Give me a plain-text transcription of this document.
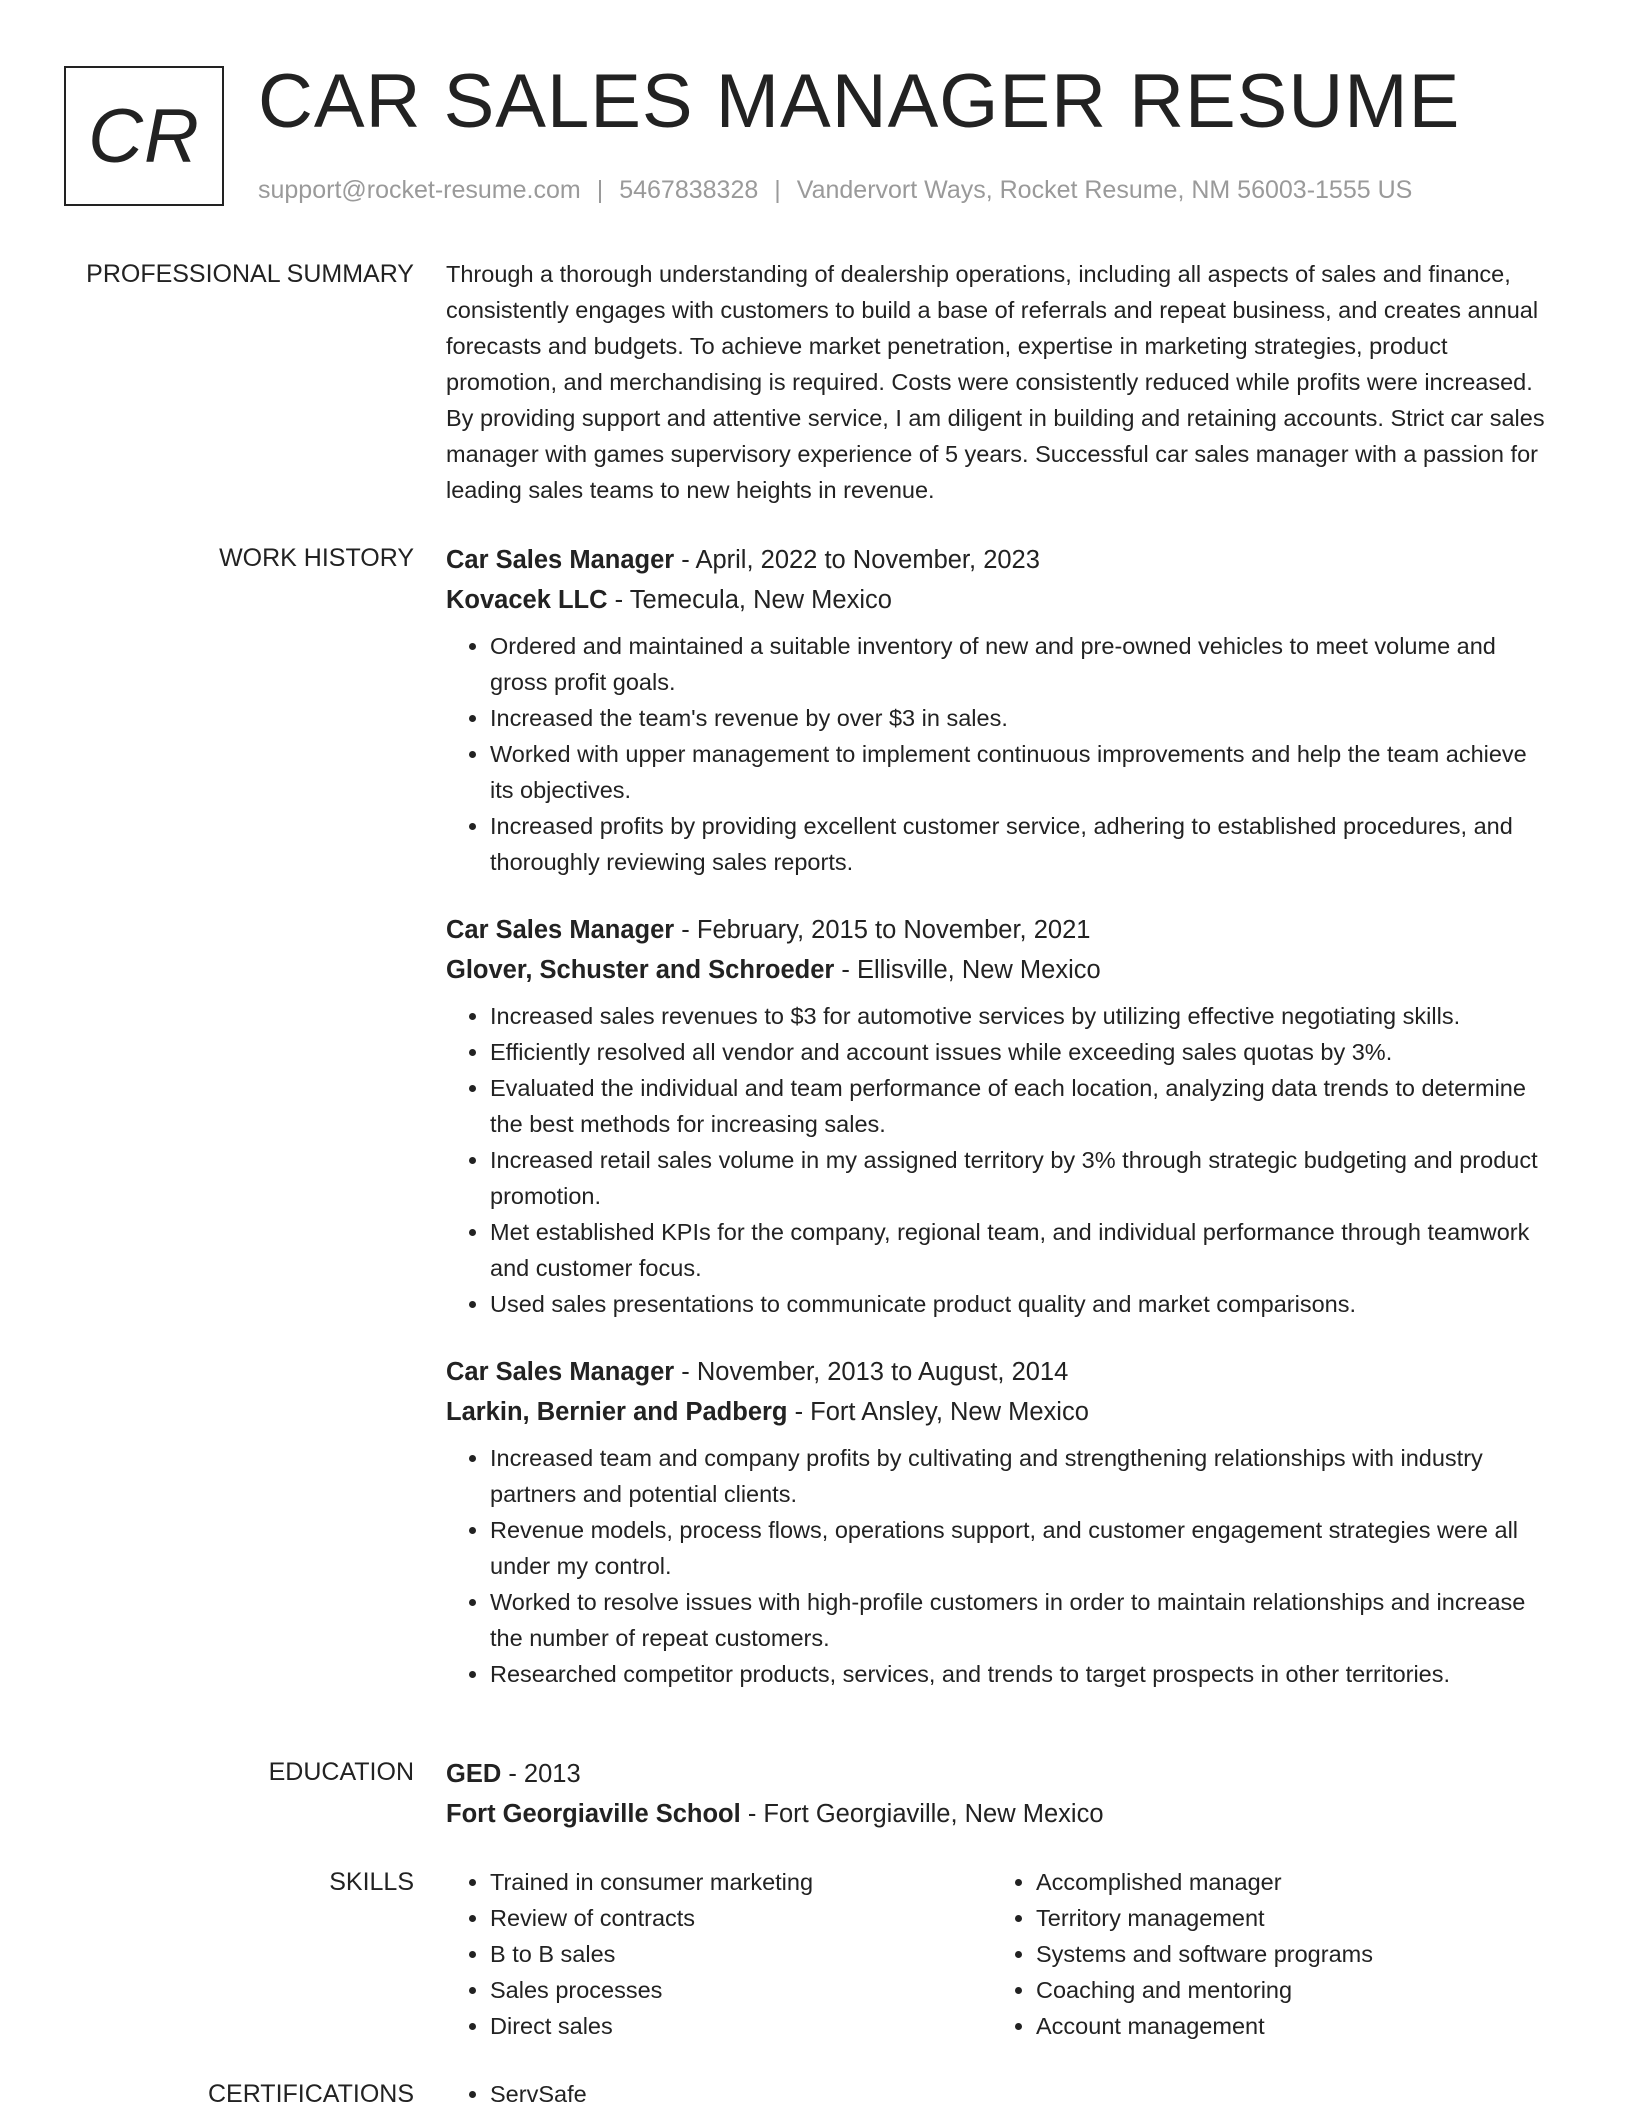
CR CAR SALES MANAGER RESUME
support@rocket-resume.com | 5467838328 | Vandervort Ways, Rocket Resume, NM 56003-1555 US
PROFESSIONAL SUMMARY Through a thorough understanding of dealership operations, including all aspects of sales and finance, consistently engages with customers to build a base of referrals and repeat business, and creates annual forecasts and budgets. To achieve market penetration, expertise in marketing strategies, product promotion, and merchandising is required. Costs were consistently reduced while profits were increased. By providing support and attentive service, I am diligent in building and retaining accounts. Strict car sales manager with games supervisory experience of 5 years. Successful car sales manager with a passion for leading sales teams to new heights in revenue.

WORK HISTORY Car Sales Manager - April, 2022 to November, 2023
Kovacek LLC - Temecula, New Mexico
• Ordered and maintained a suitable inventory of new and pre-owned vehicles to meet volume and gross profit goals.
• Increased the team's revenue by over $3 in sales.
• Worked with upper management to implement continuous improvements and help the team achieve its objectives.
• Increased profits by providing excellent customer service, adhering to established procedures, and thoroughly reviewing sales reports.
Car Sales Manager - February, 2015 to November, 2021
Glover, Schuster and Schroeder - Ellisville, New Mexico
• Increased sales revenues to $3 for automotive services by utilizing effective negotiating skills.
• Efficiently resolved all vendor and account issues while exceeding sales quotas by 3%.
• Evaluated the individual and team performance of each location, analyzing data trends to determine the best methods for increasing sales.
• Increased retail sales volume in my assigned territory by 3% through strategic budgeting and product promotion.
• Met established KPIs for the company, regional team, and individual performance through teamwork and customer focus.
• Used sales presentations to communicate product quality and market comparisons.
Car Sales Manager - November, 2013 to August, 2014
Larkin, Bernier and Padberg - Fort Ansley, New Mexico
• Increased team and company profits by cultivating and strengthening relationships with industry partners and potential clients.
• Revenue models, process flows, operations support, and customer engagement strategies were all under my control.
• Worked to resolve issues with high-profile customers in order to maintain relationships and increase the number of repeat customers.
• Researched competitor products, services, and trends to target prospects in other territories.
EDUCATION GED - 2013
Fort Georgiaville School - Fort Georgiaville, New Mexico
SKILLS	• Trained in consumer marketing
• Review of contracts
• B to B sales
• Sales processes
• Direct sales
• Accomplished manager
• Territory management
• Systems and software programs
• Coaching and mentoring
• Account management
CERTIFICATIONS	• ServSafe
